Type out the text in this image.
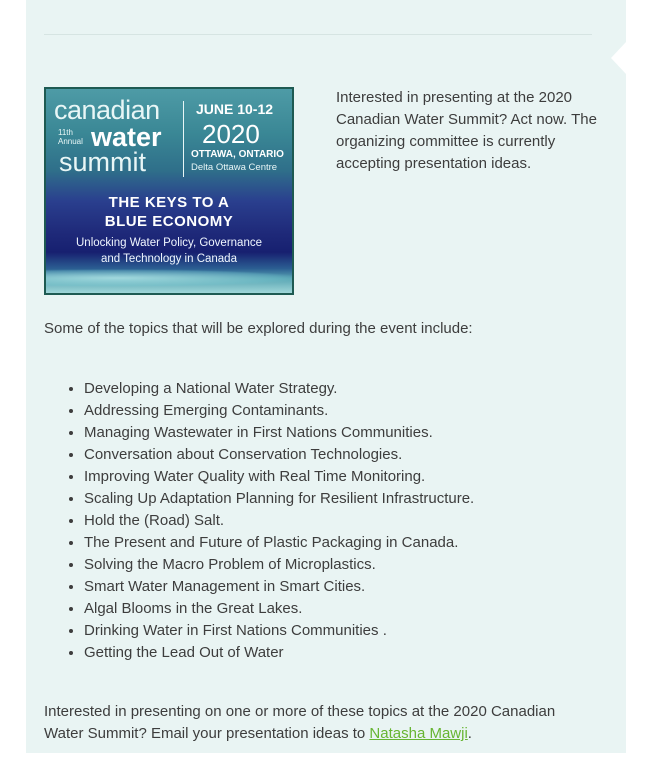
canadian
11th
Annual water
summit
JUNE 10-12
2020
OTTAWA, ONTARIO
Delta Ottawa Centre
THE KEYS TO A
BLUE ECONOMY
Unlocking Water Policy, Governance
and Technology in Canada

Interested in presenting at the 2020 Canadian Water Summit? Act now. The organizing committee is currently accepting presentation ideas.

Some of the topics that will be explored during the event include:

• Developing a National Water Strategy.
• Addressing Emerging Contaminants.
• Managing Wastewater in First Nations Communities.
• Conversation about Conservation Technologies.
• Improving Water Quality with Real Time Monitoring.
• Scaling Up Adaptation Planning for Resilient Infrastructure.
• Hold the (Road) Salt.
• The Present and Future of Plastic Packaging in Canada.
• Solving the Macro Problem of Microplastics.
• Smart Water Management in Smart Cities.
• Algal Blooms in the Great Lakes.
• Drinking Water in First Nations Communities .
• Getting the Lead Out of Water

Interested in presenting on one or more of these topics at the 2020 Canadian Water Summit? Email your presentation ideas to Natasha Mawji.
